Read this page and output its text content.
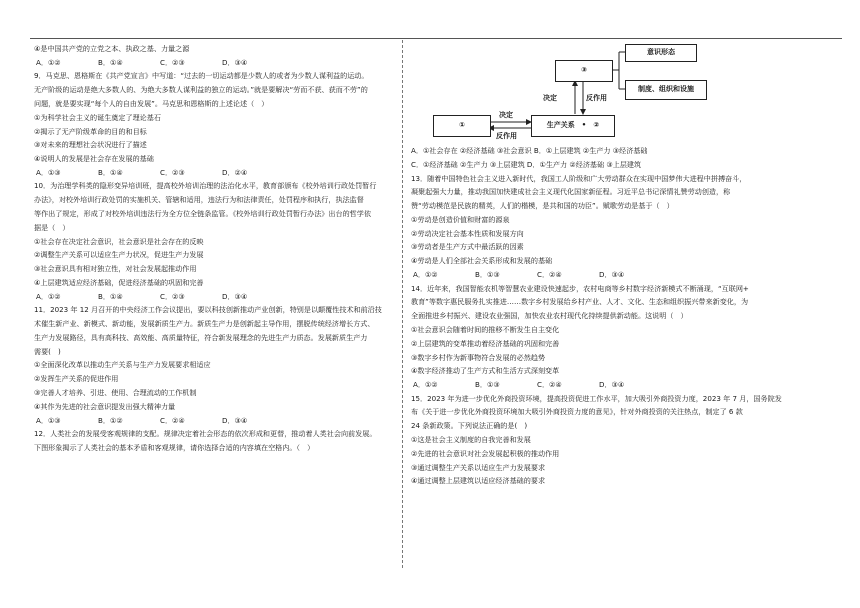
④是中国共产党的立党之本、执政之基、力量之源
A．①②	B．①④	C．②③	D．③④
9．马克思、恩格斯在《共产党宣言》中写道：“过去的一切运动都是少数人的或者为少数人谋利益的运动。
无产阶级的运动是绝大多数人的、为绝大多数人谋利益的独立的运动。”就是要解决“劳而不获、获而不劳”的
问题，就是要实现“每个人的自由发展”。马克思和恩格斯的上述论述（　）
①为科学社会主义的诞生奠定了理论基石
②揭示了无产阶级革命的目的和目标
③对未来的理想社会状况进行了描述
④说明人的发展是社会存在发展的基础
A．①③	B．①④	C．②③	D．②④
10．为治理学科类的隐形变异培训班，提高校外培训治理的法治化水平，教育部颁布《校外培训行政处罚暂行
办法》，对校外培训行政处罚的实施机关、管辖和适用，违法行为和法律责任，处罚程序和执行，执法监督
等作出了规定，形成了对校外培训违法行为全方位全链条监管。《校外培训行政处罚暂行办法》出台的哲学依
据是（　）
①社会存在决定社会意识，社会意识是社会存在的反映
②调整生产关系可以适应生产力状况，促进生产力发展
③社会意识具有相对独立性，对社会发展起推动作用
④上层建筑适应经济基础，促进经济基础的巩固和完善
A．①②	B．①④	C．②③	D．③④
11．2023 年 12 月召开的中央经济工作会议提出，要以科技创新推动产业创新，特别是以颠覆性技术和前沿技
术催生新产业、新模式、新动能，发展新质生产力。新质生产力是创新起主导作用，摆脱传统经济增长方式、
生产力发展路径，具有高科技、高效能、高质量特征，符合新发展理念的先进生产力质态。发展新质生产力
需要(　)
①全面深化改革以推动生产关系与生产力发展要求相适应
②发挥生产关系的促进作用
③完善人才培养、引进、使用、合理流动的工作机制
④其作为先进的社会意识提发出强大精神力量
A．①③	B．①②	C．②④	D．③④
12．人类社会的发展受客观规律的支配。规律决定着社会形态的依次形成和更替，推动着人类社会向前发展。
下图形象揭示了人类社会的基本矛盾和客观规律，请你选择合适的内容填在空格内。（　）
③
意识形态
制度、组织和设施
①	生产关系　•　②
决定	反作用
决定
反作用
A．①社会存在 ②经济基础 ③社会意识 B．①上层建筑 ②生产力 ③经济基础
C．①经济基础 ②生产力 ③上层建筑 D．①生产力 ②经济基础 ③上层建筑
13．随着中国特色社会主义进入新时代，我国工人阶级和广大劳动群众在实现中国梦伟大进程中拼搏奋斗，
凝聚起强大力量，推动我国加快建成社会主义现代化国家新征程。习近平总书记深情礼赞劳动创造，称
赞“劳动模范是民族的精英，人们的楷模，是共和国的功臣”。赋歌劳动是基于（　）
①劳动是创造价值和财富的源泉
②劳动决定社会基本性质和发展方向
③劳动者是生产方式中最活跃的因素
④劳动是人们全部社会关系形成和发展的基础
A．①②	B．①③	C．②④	D．③④
14．近年来，我国智能农机等智慧农业建设快速起步，农村电商等乡村数字经济新模式不断涌现，“互联网+
教育”等数字惠民服务扎实推进……数字乡村发展给乡村产业、人才、文化、生态和组织振兴带来新变化，为
全面推进乡村振兴、建设农业强国，加快农业农村现代化持续提供新动能。这说明（　）
①社会意识会随着时间的推移不断发生自主变化
②上层建筑的变革推动着经济基础的巩固和完善
③数字乡村作为新事物符合发展的必然趋势
④数字经济推动了生产方式和生活方式深刻变革
A．①②	B．①③	C．②④	D．③④
15．2023 年为进一步优化外商投资环境，提高投资促进工作水平，加大吸引外商投资力度，2023 年 7 月，国务院发
布《关于进一步优化外商投资环境加大吸引外商投资力度的意见》，针对外商投资的关注热点，制定了 6 款
24 条新政策。下列说法正确的是(　)
①这是社会主义制度的自我完善和发展
②先进的社会意识对社会发展起积极的推动作用
③通过调整生产关系以适应生产力发展要求
④通过调整上层建筑以适应经济基础的要求
